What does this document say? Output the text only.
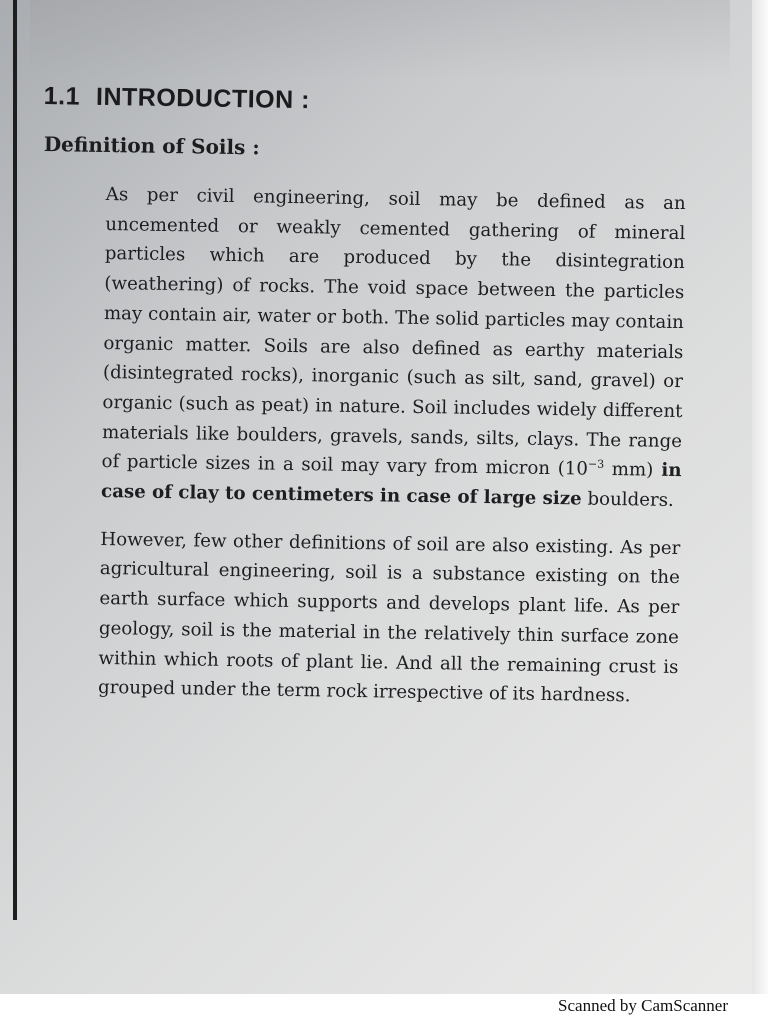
1.1 INTRODUCTION :
Definition of Soils :

As per civil engineering, soil may be defined as an uncemented or weakly cemented gathering of mineral particles which are produced by the disintegration (weathering) of rocks. The void space between the particles may contain air, water or both. The solid particles may contain organic matter. Soils are also defined as earthy materials (disintegrated rocks), inorganic (such as silt, sand, gravel) or organic (such as peat) in nature. Soil includes widely different materials like boulders, gravels, sands, silts, clays. The range of particle sizes in a soil may vary from micron ($10^{-3}$ mm) in case of clay to centimeters in case of large size boulders.

However, few other definitions of soil are also existing. As per agricultural engineering, soil is a substance existing on the earth surface which supports and develops plant life. As per geology, soil is the material in the relatively thin surface zone within which roots of plant lie. And all the remaining crust is grouped under the term rock irrespective of its hardness.

Scanned by CamScanner
